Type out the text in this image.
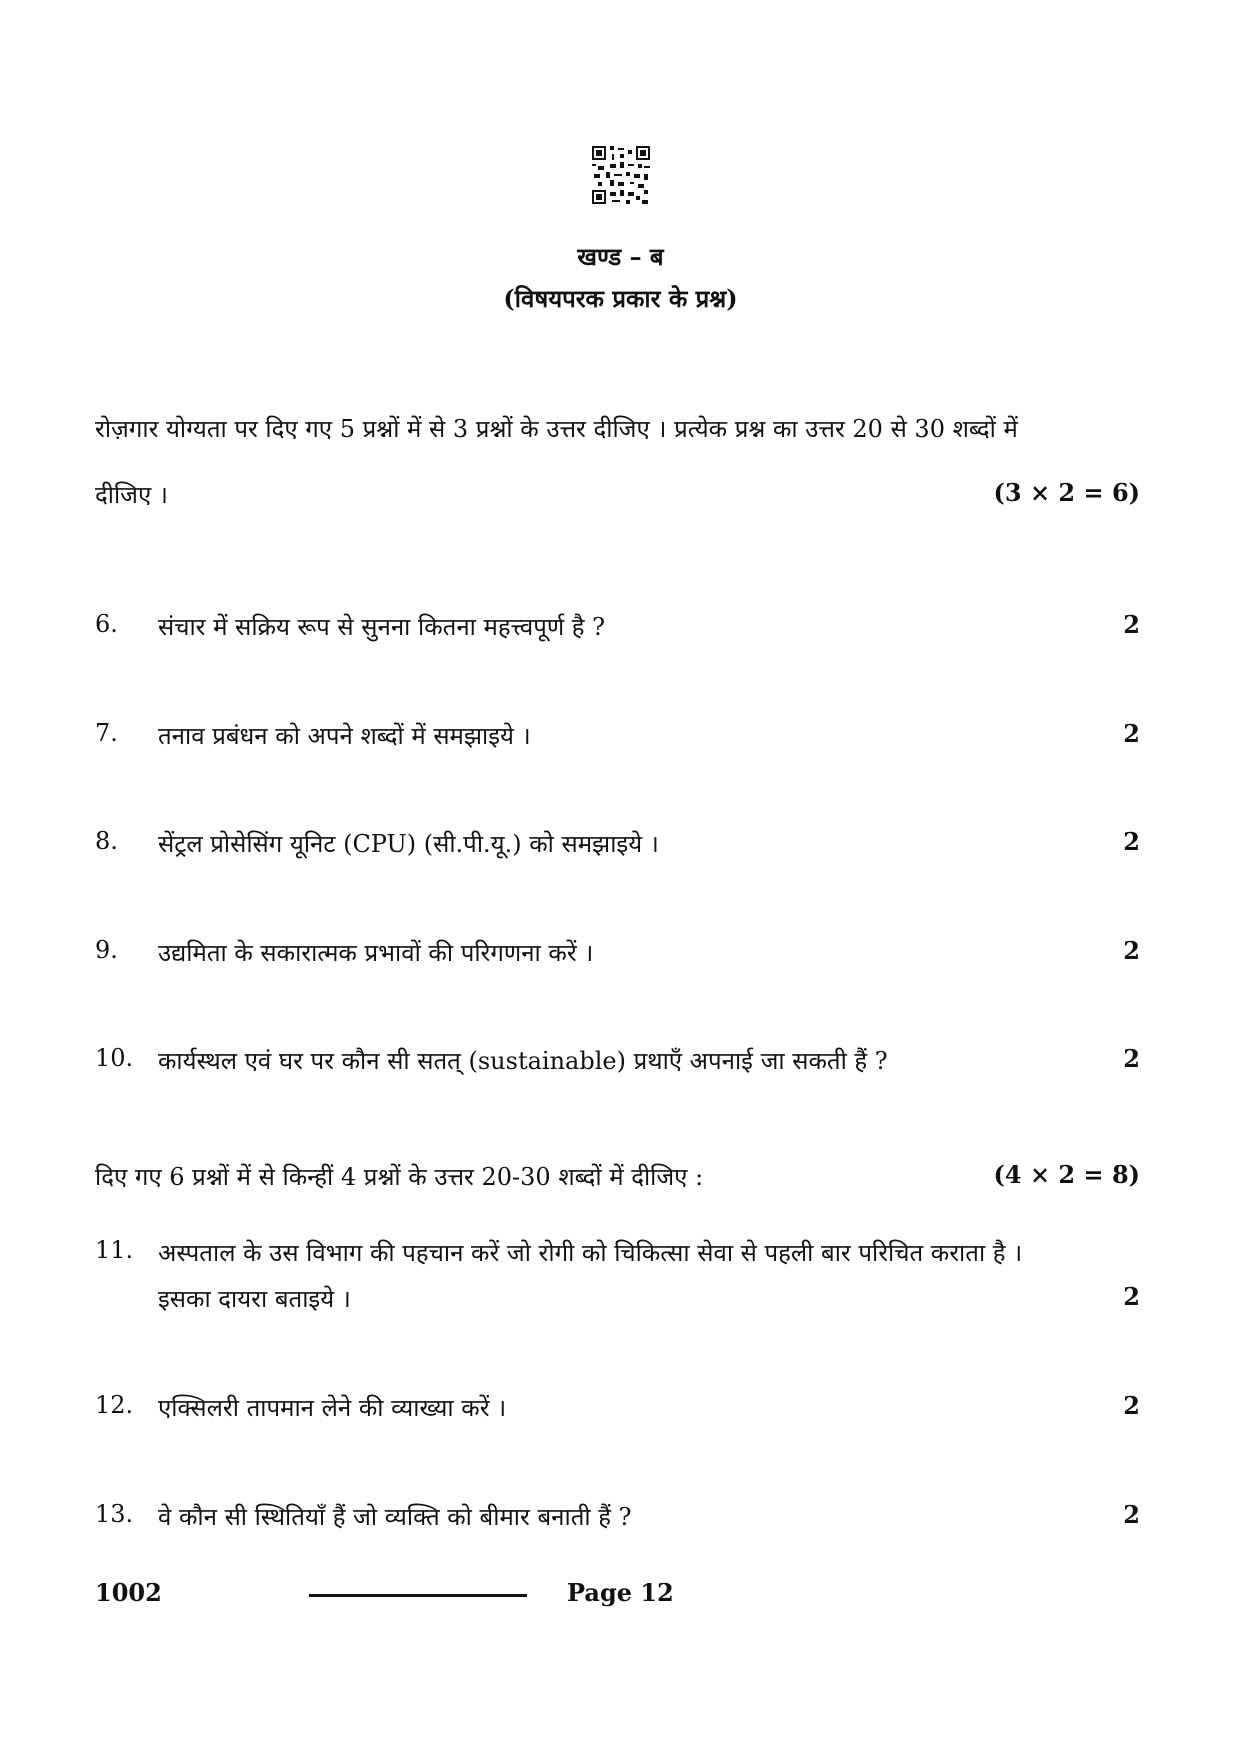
खण्ड – ब
(विषयपरक प्रकार के प्रश्न)
रोज़गार योग्यता पर दिए गए 5 प्रश्नों में से 3 प्रश्नों के उत्तर दीजिए । प्रत्येक प्रश्न का उत्तर 20 से 30 शब्दों में
दीजिए ।	(3 × 2 = 6)
6. संचार में सक्रिय रूप से सुनना कितना महत्त्वपूर्ण है ?	2
7. तनाव प्रबंधन को अपने शब्दों में समझाइये ।	2
8. सेंट्रल प्रोसेसिंग यूनिट (CPU) (सी.पी.यू.) को समझाइये ।	2
9. उद्यमिता के सकारात्मक प्रभावों की परिगणना करें ।	2
10. कार्यस्थल एवं घर पर कौन सी सतत् (sustainable) प्रथाएँ अपनाई जा सकती हैं ?	2
दिए गए 6 प्रश्नों में से किन्हीं 4 प्रश्नों के उत्तर 20-30 शब्दों में दीजिए :	(4 × 2 = 8)
11. अस्पताल के उस विभाग की पहचान करें जो रोगी को चिकित्सा सेवा से पहली बार परिचित कराता है ।
इसका दायरा बताइये ।	2
12. एक्सिलरी तापमान लेने की व्याख्या करें ।	2
13. वे कौन सी स्थितियाँ हैं जो व्यक्ति को बीमार बनाती हैं ?	2
1002	Page 12
